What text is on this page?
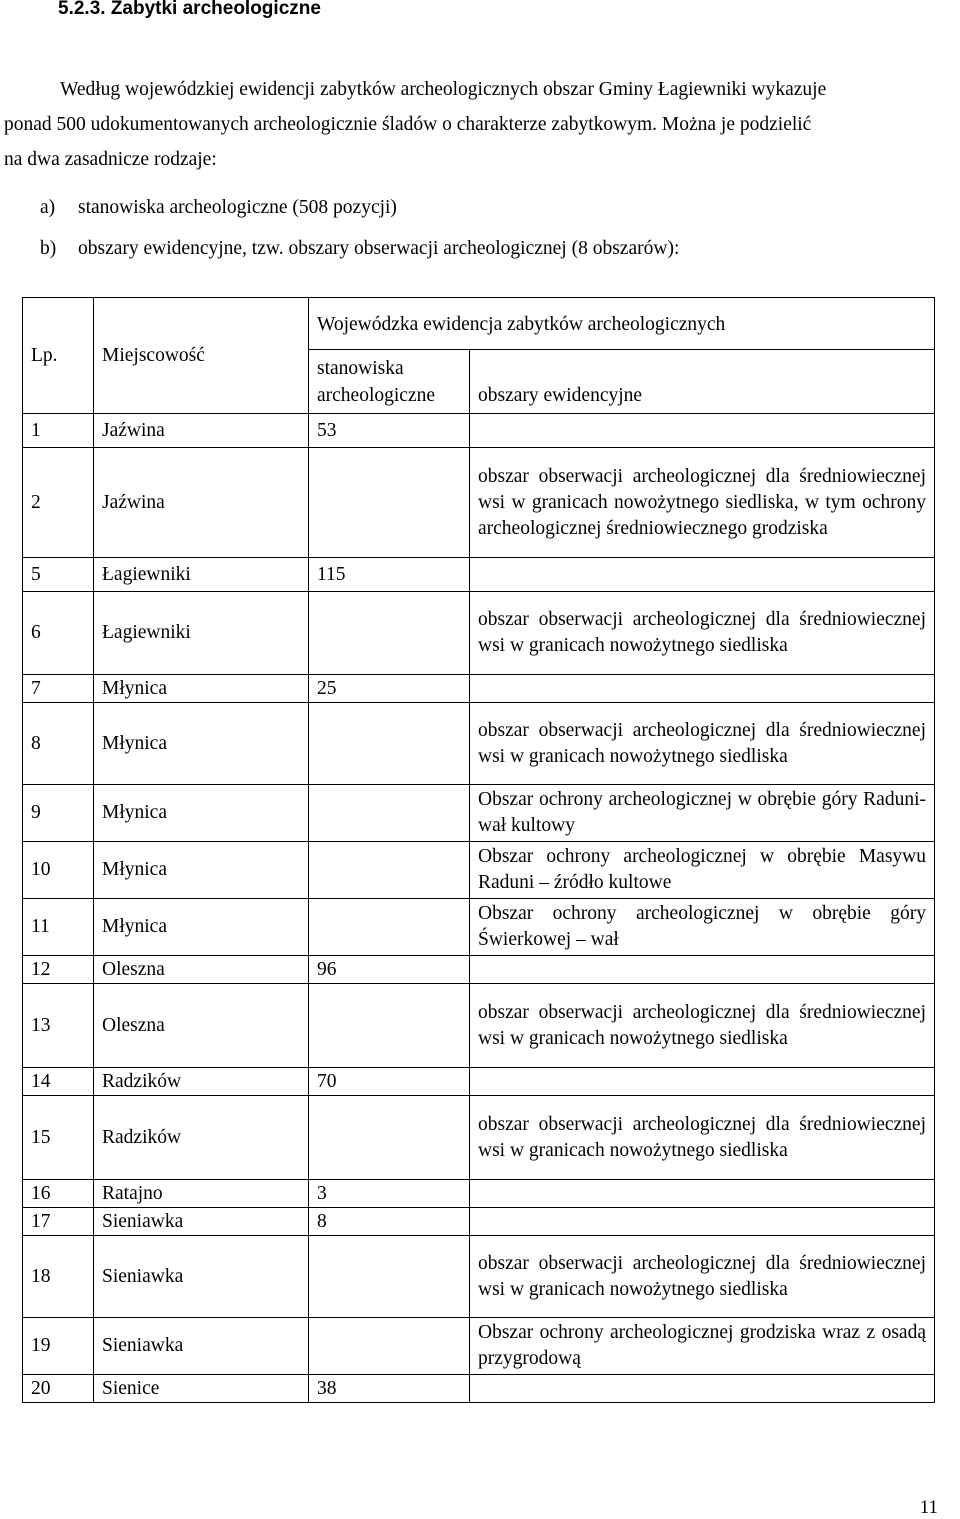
5.2.3. Zabytki archeologiczne
Według wojewódzkiej ewidencji zabytków archeologicznych obszar Gminy Łagiewniki wykazuje
ponad 500 udokumentowanych archeologicznie śladów o charakterze zabytkowym. Można je podzielić
na dwa zasadnicze rodzaje:
a) stanowiska archeologiczne (508 pozycji)
b) obszary ewidencyjne, tzw. obszary obserwacji archeologicznej (8 obszarów):
Lp.	Miejscowość	Wojewódzka ewidencja zabytków archeologicznych	
		stanowiska archeologiczne	obszary ewidencyjne
1	Jaźwina	53	
2	Jaźwina		obszar obserwacji archeologicznej dla średniowiecznej wsi w granicach nowożytnego siedliska, w tym ochrony archeologicznej średniowiecznego grodziska
5	Łagiewniki	115	
6	Łagiewniki		obszar obserwacji archeologicznej dla średniowiecznej wsi w granicach nowożytnego siedliska
7	Młynica	25	
8	Młynica		obszar obserwacji archeologicznej dla średniowiecznej wsi w granicach nowożytnego siedliska
9	Młynica		Obszar ochrony archeologicznej w obrębie góry Raduni-wał kultowy
10	Młynica		Obszar ochrony archeologicznej w obrębie Masywu Raduni – źródło kultowe
11	Młynica		Obszar ochrony archeologicznej w obrębie góry Świerkowej – wał
12	Oleszna	96	
13	Oleszna		obszar obserwacji archeologicznej dla średniowiecznej wsi w granicach nowożytnego siedliska
14	Radzików	70	
15	Radzików		obszar obserwacji archeologicznej dla średniowiecznej wsi w granicach nowożytnego siedliska
16	Ratajno	3	
17	Sieniawka	8	
18	Sieniawka		obszar obserwacji archeologicznej dla średniowiecznej wsi w granicach nowożytnego siedliska
19	Sieniawka		Obszar ochrony archeologicznej grodziska wraz z osadą przygrodową
20	Sienice	38	
11
